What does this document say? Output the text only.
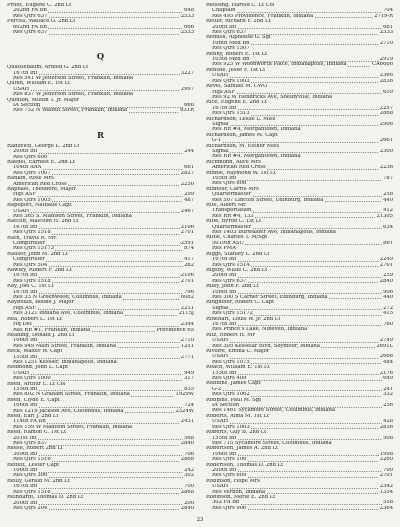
Pruitt, Eugene C. 2nd Lt
202nd FA Bn	648
Res Qtrs 637	2533
Purcell, Wallace G. 2nd Lt
602nd FA Bn	666
Res Qtrs 637	2533
Q
Quattlebaum, Arnold G. 2nd Lt
167th Inf	3227
Res 541 W Jefferson Street, Franklin, Indiana
Quinn, William E. 1st Lt
USAH	2997
Res 837 W Jefferson Street, Franklin, Indiana
Quinton, Milton T. Jr. Major
IA Section	666
Res 752 N Walnut Street, Franklin, Indiana	631R
R
Radovich, George L. 2nd Lt
200th Inf	244
Res Qtrs 606
Raedel, Earnest E. 2nd Lt
104th AAA	661
Res Qtrs 1007	2827
Rankin, Rose Mrs
American Red Cross	2250
Raphael, Theodore, Major
Hqs ASF	299
Res Qtrs 1005	487
Rapoport, Nathalie Capt
USAH	2467
Res 365 S. Madison Street, Franklin, Indiana
Ratcliff, Malcolm H. 2nd Lt
167th Inf	2106
Res Qtrs 1518	2701
Rath, Travis R. Mr.
Comptroller	2591
Res Qtrs 15173	874
Rauser, John M. 2nd Lt
Comptroller	417
Res Qtrs 504	262
Rawley, Robert F. 2nd Lt
167th Inf	2106
Res Qtrs 1518	2701
Ray, Joel C. 1st Lt
167th Inf	796
Res 33 N Greenwood, Columbus, Indiana	6082
Raybould, Boone J. Major
Hqs ASF	2211
Res 3121 Indiana Ave, Columbus, Indiana	2115J
Rea, Robert L. 1st Lt
Hq Det	2344
Res RR #1, Franklin, Indiana	Providence 65
Reading, Donald J. 2nd Lt
106th Inf	2710
Res 949 Main Street, Franklin, Indiana	1251
Reck, Walter W. Capt
155th Inf	2771
Res 1251 Kessler, Indianapolis, Indiana
Redmond, John L. Capt
USAH	949
Res Qtrs 1000	317
Reed, Arthur L. Lt Col
155th Inf	835
Res 802 N Graham Street, Franklin, Indiana	1929W
Reed, Clyde E. Capt
106th Inf	724
Res 1219 Jackson Ave, Columbus, Indiana	2324W
Reed, Earl J. 2nd Lt
114th FA Bn	2431
Res 159 W Madison Street, Franklin, Indiana
Reed, Ramon C. 1st Lt
201st Inf	568
Res Qtrs 837	2840
Reese, Robert 2nd Lt
309th Inf	706
Res Qtrs 1516	2868
Reffett, Lester Capt
106th Inf	242
Res Qtrs 306	302
Reilly, Gerald M. 2nd Lt
167th Inf	700
Res Qtrs 1516	2868
Reinhardt, Thomas D. 2nd Lt
200th Inf	200
Res Qtrs 204	2840
Reissing, Harold C. Lt Col
Chaplain	704
Res 495 Providence, Franklin, Indiana	2719-R
Reiter, Richard F. 2nd Lt
200th Inf	661
Res Qtrs 637	2533
Remish, Alphonse G. Sgt
106th Med Bn	2710
Res Qtrs 1507
Renny, Robert E. 1st Lt
105th Med Bn	2919
Res 923 W Woodworth Place, Indianapolis, Indiana	CA6606
Renshe, Jesse F. 1st Lt
USAH	2366
Res Qtrs 1003	2836
Revel, Samuel M. CWO
Hqs ASF	659
Res 92 W Hendricks Ave, Shelbyville, Indiana
Rice, Eugene E. 2nd Lt
167th Inf	2257
Res Qtrs 1513	2868
Richardson, Leslie L. Miss
Signal	2906
Res RR #4, Morgantown, Indiana
Richardson, James M. Capt
G-1	2661
Richardson, M. Esther Miss
Signal	2300
Res RR #4, Morgantown, Indiana
Richmond, Alice Mrs
American Red Cross	2236
Riddle, Raymond W. 1st Lt
105th Inf	787
Res Qtrs 606
Ridnour, Carrie Mrs
Quartermaster	258
Res 507 Lincoln Street, Edinburg, Indiana	440
Rife, Albert Mr.
Transportation	412
Res RR #4, 133	21305
Riffe, Byron C. 1st Lt
Quartermaster	634
Res 1403 Burwalder Ave, Indianapolis, Indiana
Riffle, Charles T. M/Sgt
5019th ASU	861
Res PMA
Riggs, Stanley L. 2nd Lt
167th Inf	2249
Res Qtrs 1514	2701
Rigsby, Willie C. 2nd Lt
200th Inf	259
Res Qtrs 637	2840
Riley, John F. 2nd Lt
106th Inf	906
Res 300 S Carner Street, Edinburg, Indiana	440
Ringhofer, Robert C. Capt
Signal	272
Res Qtrs 15172	415
Rinehart, Louis W. Jr. 2nd Lt
167th Inf	760
Res Prince's Lake, Nineveh, Indiana
Ritz, Robert H. Mr
USAH	2749
Res 305 Kesselar Blvd, Seymour, Indiana	2691L
Rivoire, Emma C. Major
USAH	2666
Res Qtrs 1075	484
Roach, William E. 1st Lt
155th Inf	2176
Res Qtrs 409	649
Robbins, James Capt
G-2	241
Res Qtrs 1062	332
Robbins, Paul M. Sgt
IA Section	256
Res 1461 Sycamore Street, Columbus, Indiana
Roberts, Alma M. 1st Lt
USAH	428
Res Qtrs 1003	2836
Roberts, Guy B. 2nd Lt
155th Inf	508
Res 715 Sycamore Street, Columbus, Indiana
Robertson, James A. 2nd Lt
106th Inf	1998
Res Qtrs 106	2260
Robertson, Thomas D. 2nd Lt
200th Inf	700
Res Qtrs 609	2701
Robinson, Hope Mrs
USAH	2342
Res Vernon, Indiana	1354
Robinson, Merle E. 2nd Lt
302 FA Bn	558
Res Qtrs 906	2364
23
